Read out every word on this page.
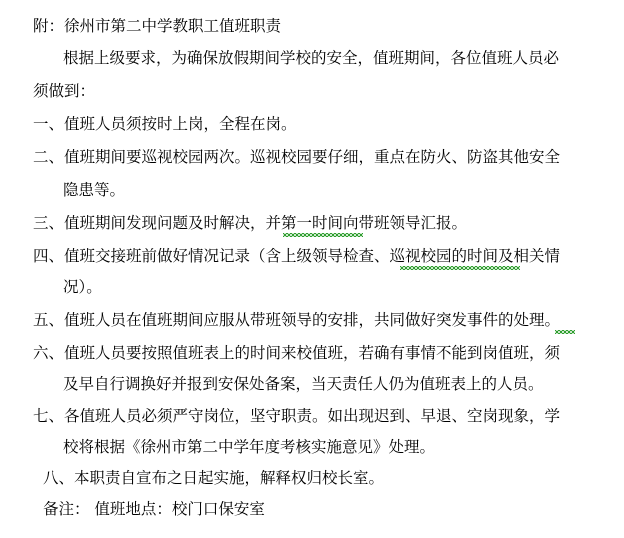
附：徐州市第二中学教职工值班职责
根据上级要求，为确保放假期间学校的安全，值班期间，各位值班人员必
须做到：
一、值班人员须按时上岗，全程在岗。
二、值班期间要巡视校园两次。巡视校园要仔细，重点在防火、防盗其他安全
隐患等。
三、值班期间发现问题及时解决，并第一时间向带班领导汇报。
四、值班交接班前做好情况记录（含上级领导检查、巡视校园的时间及相关情
况）。
五、值班人员在值班期间应服从带班领导的安排，共同做好突发事件的处理。
六、值班人员要按照值班表上的时间来校值班，若确有事情不能到岗值班，须
及早自行调换好并报到安保处备案，当天责任人仍为值班表上的人员。
七、各值班人员必须严守岗位，坚守职责。如出现迟到、早退、空岗现象，学
校将根据《徐州市第二中学年度考核实施意见》处理。
八、本职责自宣布之日起实施，解释权归校长室。
备注： 值班地点：校门口保安室
